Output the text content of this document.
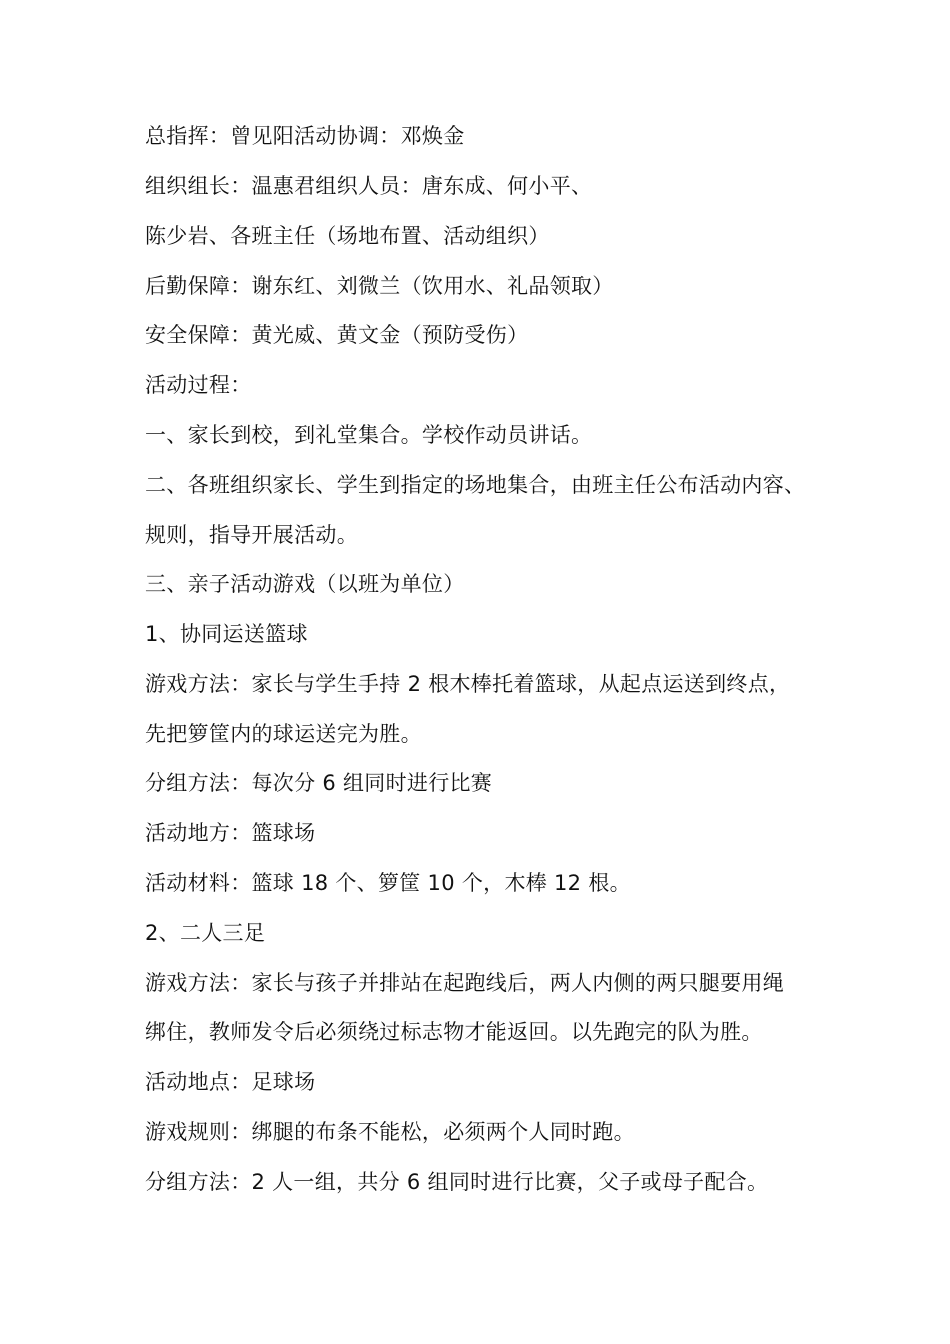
总指挥：曾见阳活动协调：邓焕金
组织组长：温惠君组织人员：唐东成、何小平、
陈少岩、各班主任（场地布置、活动组织）
后勤保障：谢东红、刘微兰（饮用水、礼品领取）
安全保障：黄光威、黄文金（预防受伤）
活动过程：
一、家长到校，到礼堂集合。学校作动员讲话。
二、各班组织家长、学生到指定的场地集合，由班主任公布活动内容、
规则，指导开展活动。
三、亲子活动游戏（以班为单位）
1、协同运送篮球
游戏方法：家长与学生手持 2 根木棒托着篮球，从起点运送到终点，
先把箩筐内的球运送完为胜。
分组方法：每次分 6 组同时进行比赛
活动地方：篮球场
活动材料：篮球 18 个、箩筐 10 个，木棒 12 根。
2、二人三足
游戏方法：家长与孩子并排站在起跑线后，两人内侧的两只腿要用绳
绑住，教师发令后必须绕过标志物才能返回。以先跑完的队为胜。
活动地点：足球场
游戏规则：绑腿的布条不能松，必须两个人同时跑。
分组方法：2 人一组，共分 6 组同时进行比赛，父子或母子配合。
